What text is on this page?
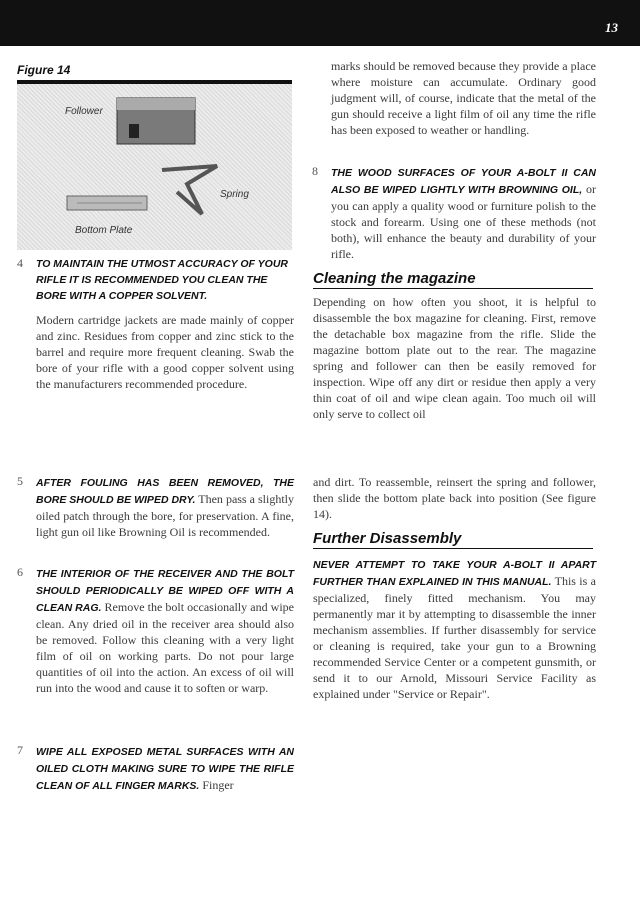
13
Figure 14
Follower
Spring
Bottom Plate
4 TO MAINTAIN THE UTMOST ACCURACY OF YOUR RIFLE IT IS RECOMMENDED YOU CLEAN THE BORE WITH A COPPER SOLVENT.

Modern cartridge jackets are made mainly of copper and zinc. Residues from copper and zinc stick to the barrel and require more frequent cleaning. Swab the bore of your rifle with a good copper solvent using the manufacturers recommended procedure.

5 AFTER FOULING HAS BEEN REMOVED, THE BORE SHOULD BE WIPED DRY. Then pass a slightly oiled patch through the bore, for preservation. A fine, light gun oil like Browning Oil is recommended.

6 THE INTERIOR OF THE RECEIVER AND THE BOLT SHOULD PERIODICALLY BE WIPED OFF WITH A CLEAN RAG. Remove the bolt occasionally and wipe clean. Any dried oil in the receiver area should also be removed. Follow this cleaning with a very light film of oil on working parts. Do not pour large quantities of oil into the action. An excess of oil will run into the wood and cause it to soften or warp.

7 WIPE ALL EXPOSED METAL SURFACES WITH AN OILED CLOTH MAKING SURE TO WIPE THE RIFLE CLEAN OF ALL FINGER MARKS. Finger

marks should be removed because they provide a place where moisture can accumulate. Ordinary good judgment will, of course, indicate that the metal of the gun should receive a light film of oil any time the rifle has been exposed to weather or handling.

8 THE WOOD SURFACES OF YOUR A-BOLT II CAN ALSO BE WIPED LIGHTLY WITH BROWNING OIL, or you can apply a quality wood or furniture polish to the stock and forearm. Using one of these methods (not both), will enhance the beauty and durability of your rifle.

Cleaning the magazine

Depending on how often you shoot, it is helpful to disassemble the box magazine for cleaning. First, remove the detachable box magazine from the rifle. Slide the magazine bottom plate out to the rear. The magazine spring and follower can then be easily removed for inspection. Wipe off any dirt or residue then apply a very thin coat of oil and wipe clean again. Too much oil will only serve to collect oil

and dirt. To reassemble, reinsert the spring and follower, then slide the bottom plate back into position (See figure 14).

Further Disassembly

NEVER ATTEMPT TO TAKE YOUR A-BOLT II APART FURTHER THAN EXPLAINED IN THIS MANUAL. This is a specialized, finely fitted mechanism. You may permanently mar it by attempting to disassemble the inner mechanism assemblies. If further disassembly for service or cleaning is required, take your gun to a Browning recommended Service Center or a competent gunsmith, or send it to our Arnold, Missouri Service Facility as explained under "Service or Repair".
